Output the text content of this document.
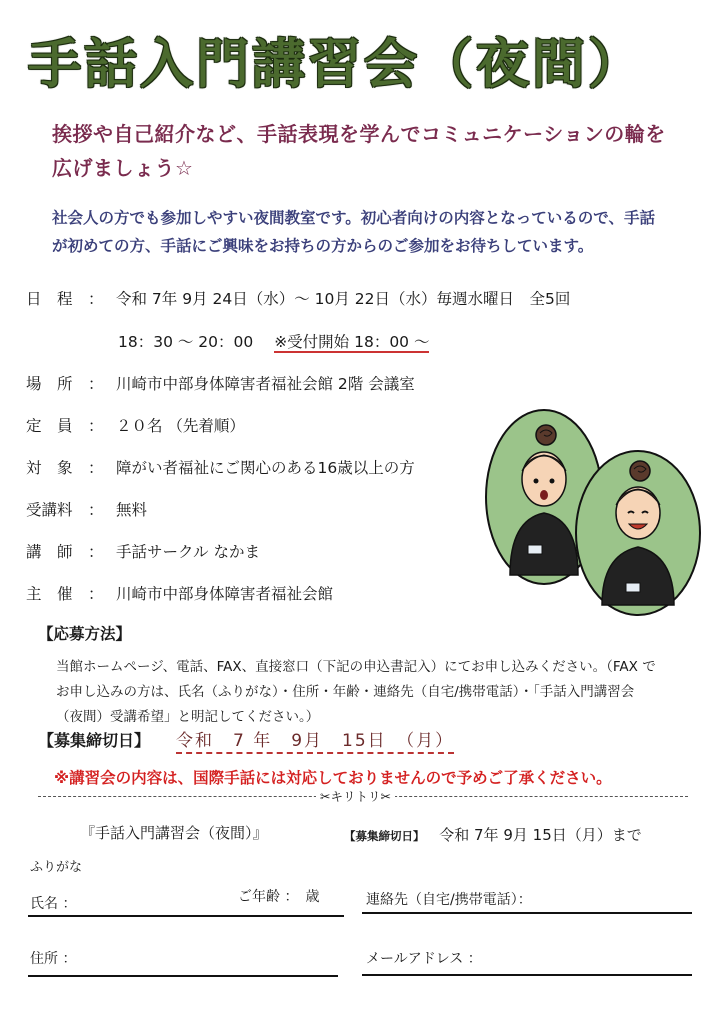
手話入門講習会（夜間）
挨拶や自己紹介など、手話表現を学んでコミュニケーションの輪を
広げましょう☆
社会人の方でも参加しやすい夜間教室です。初心者向けの内容となっているので、手話
が初めての方、手話にご興味をお持ちの方からのご参加をお待ちしています。
日　程 ： 令和 7年 9月 24日（水）～ 10月 22日（水）毎週水曜日　全5回
18：30 ～ 20：00 ※受付開始 18：00 ～
場　所 ： 川崎市中部身体障害者福祉会館 2階 会議室
定　員 ： ２０名 （先着順）
対　象 ： 障がい者福祉にご関心のある16歳以上の方
受講料 ： 無料
講　師 ： 手話サークル なかま
主　催 ： 川崎市中部身体障害者福祉会館
【応募方法】
当館ホームページ、電話、FAX、直接窓口（下記の申込書記入）にてお申し込みください。（FAX で
お申し込みの方は、氏名（ふりがな）・住所・年齢・連絡先（自宅/携帯電話）・「手話入門講習会
（夜間）受講希望」と明記してください。）
【募集締切日】 令和　7 年　9月　15日　（月）
※講習会の内容は、国際手話には対応しておりませんので予めご了承ください。
✂キリトリ✂
『手話入門講習会（夜間）』	【募集締切日】 令和 7年 9月 15日（月）まで
ふりがな
氏名 ：	ご年齢 ：　歳	連絡先（自宅/携帯電話）：
住所 ：	メールアドレス ：
